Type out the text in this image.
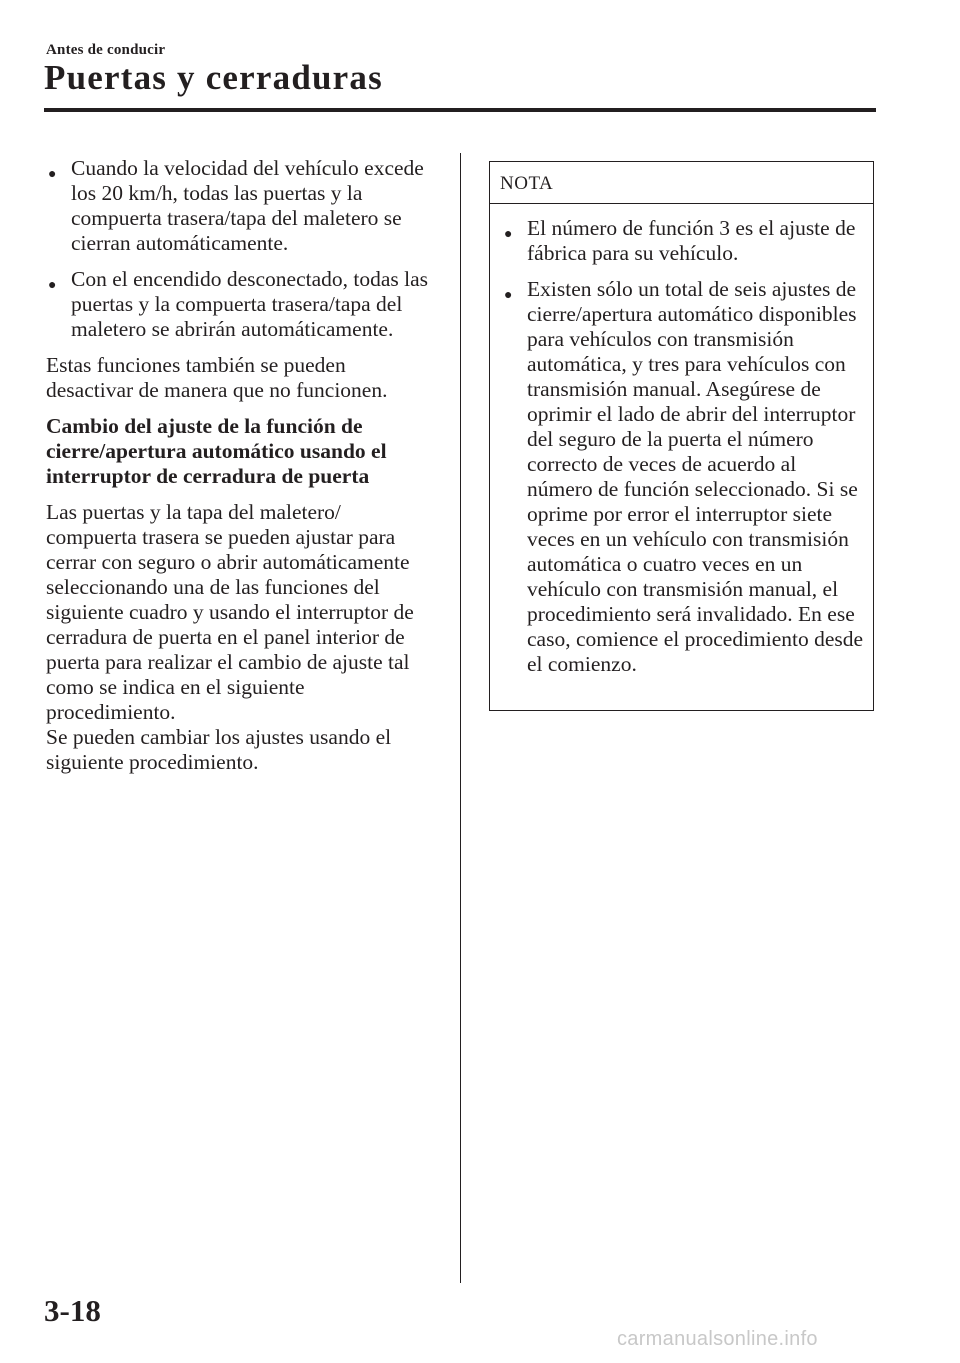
Antes de conducir
Puertas y cerraduras
● Cuando la velocidad del vehículo excede los 20 km/h, todas las puertas y la compuerta trasera/tapa del maletero se cierran automáticamente.
● Con el encendido desconectado, todas las puertas y la compuerta trasera/tapa del maletero se abrirán automáticamente.

Estas funciones también se pueden desactivar de manera que no funcionen.

Cambio del ajuste de la función de cierre/apertura automático usando el interruptor de cerradura de puerta

Las puertas y la tapa del maletero/ compuerta trasera se pueden ajustar para cerrar con seguro o abrir automáticamente seleccionando una de las funciones del siguiente cuadro y usando el interruptor de cerradura de puerta en el panel interior de puerta para realizar el cambio de ajuste tal como se indica en el siguiente procedimiento.

Se pueden cambiar los ajustes usando el siguiente procedimiento.

NOTA
● El número de función 3 es el ajuste de fábrica para su vehículo.
● Existen sólo un total de seis ajustes de cierre/apertura automático disponibles para vehículos con transmisión automática, y tres para vehículos con transmisión manual. Asegúrese de oprimir el lado de abrir del interruptor del seguro de la puerta el número correcto de veces de acuerdo al número de función seleccionado. Si se oprime por error el interruptor siete veces en un vehículo con transmisión automática o cuatro veces en un vehículo con transmisión manual, el procedimiento será invalidado. En ese caso, comience el procedimiento desde el comienzo.
3-18
carmanualsonline.info
